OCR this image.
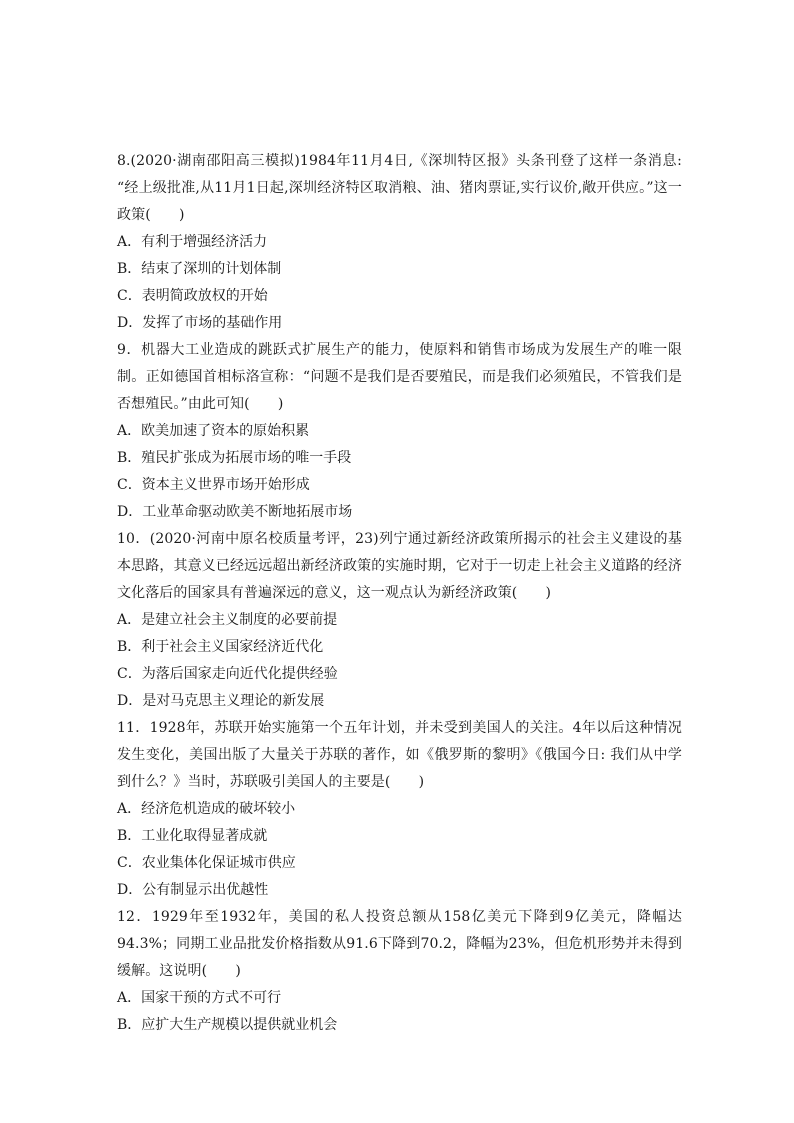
8.(2020·湖南邵阳高三模拟)1984年11月4日,《深圳特区报》头条刊登了这样一条消息: “经上级批准,从11月1日起,深圳经济特区取消粮、油、猪肉票证,实行议价,敞开供应。”这一政策(　　)

A．有利于增强经济活力

B．结束了深圳的计划体制

C．表明简政放权的开始

D．发挥了市场的基础作用

9．机器大工业造成的跳跃式扩展生产的能力，使原料和销售市场成为发展生产的唯一限制。正如德国首相标洛宣称：“问题不是我们是否要殖民，而是我们必须殖民，不管我们是否想殖民。”由此可知(　　)

A．欧美加速了资本的原始积累

B．殖民扩张成为拓展市场的唯一手段

C．资本主义世界市场开始形成

D．工业革命驱动欧美不断地拓展市场

10．(2020·河南中原名校质量考评，23)列宁通过新经济政策所揭示的社会主义建设的基本思路，其意义已经远远超出新经济政策的实施时期，它对于一切走上社会主义道路的经济文化落后的国家具有普遍深远的意义，这一观点认为新经济政策(　　)

A．是建立社会主义制度的必要前提

B．利于社会主义国家经济近代化

C．为落后国家走向近代化提供经验

D．是对马克思主义理论的新发展

11．1928年，苏联开始实施第一个五年计划，并未受到美国人的关注。4年以后这种情况发生变化，美国出版了大量关于苏联的著作，如《俄罗斯的黎明》《俄国今日: 我们从中学到什么？》当时，苏联吸引美国人的主要是(　　)

A．经济危机造成的破坏较小

B．工业化取得显著成就

C．农业集体化保证城市供应

D．公有制显示出优越性

12．1929年至1932年，美国的私人投资总额从158亿美元下降到9亿美元，降幅达94.3%；同期工业品批发价格指数从91.6下降到70.2，降幅为23%，但危机形势并未得到缓解。这说明(　　)

A．国家干预的方式不可行

B．应扩大生产规模以提供就业机会
